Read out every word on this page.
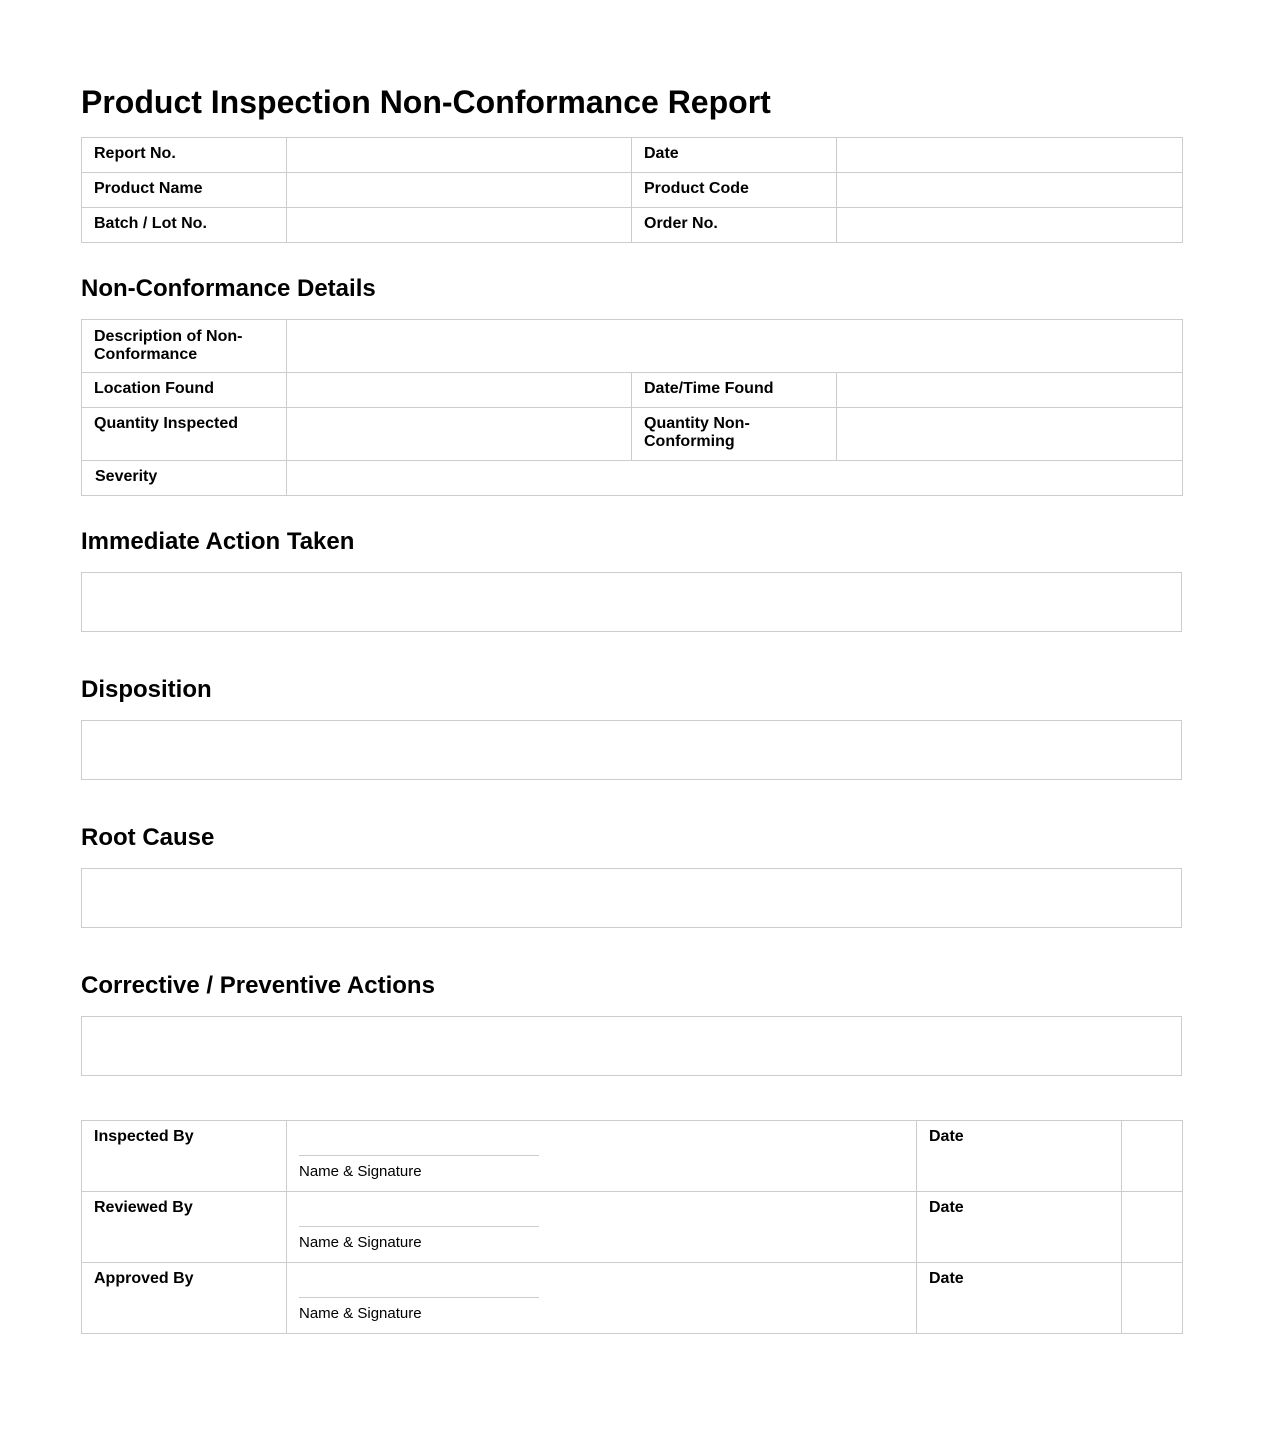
Product Inspection Non-Conformance Report
Report No.		Date	
Product Name		Product Code	
Batch / Lot No.		Order No.	
Non-Conformance Details
Description of Non-Conformance			
Location Found		Date/Time Found	
Quantity Inspected		Quantity Non-Conforming	
Severity			
Immediate Action Taken
Disposition
Root Cause
Corrective / Preventive Actions
Inspected By	Name & Signature	Date	
Reviewed By	Name & Signature	Date	
Approved By	Name & Signature	Date	
